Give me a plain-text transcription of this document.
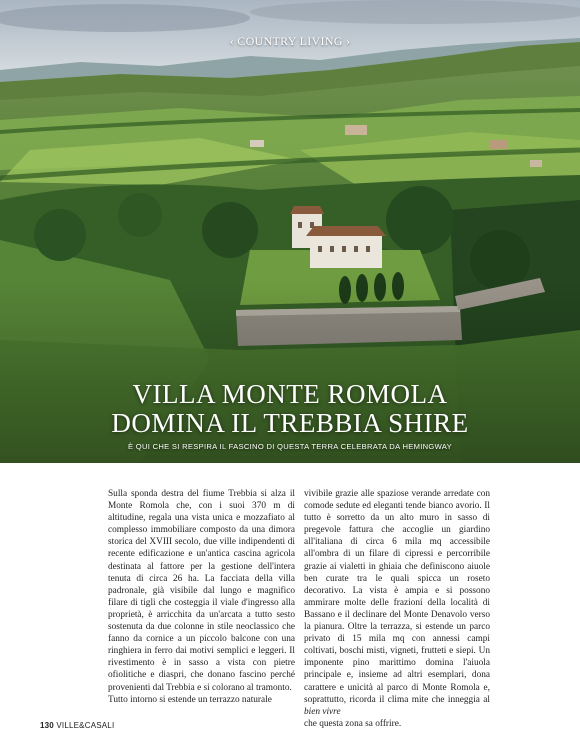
‹ COUNTRY LIVING ›
VILLA MONTE ROMOLA
DOMINA IL TREBBIA SHIRE
È QUI CHE SI RESPIRA IL FASCINO DI QUESTA TERRA CELEBRATA DA HEMINGWAY

Sulla sponda destra del fiume Trebbia si alza il Monte Romola che, con i suoi 370 m di altitudine, regala una vista unica e mozzafiato al complesso immobiliare composto da una dimora storica del XVIII secolo, due ville indipendenti di recente edificazione e un'antica cascina agricola destinata al fattore per la gestione dell'intera tenuta di circa 26 ha. La facciata della villa padronale, già visibile dal lungo e magnifico filare di tigli che costeggia il viale d'ingresso alla proprietà, è arricchita da un'arcata a tutto sesto sostenuta da due colonne in stile neoclassico che fanno da cornice a un piccolo balcone con una ringhiera in ferro dai motivi semplici e leggeri. Il rivestimento è in sasso a vista con pietre ofiolitiche e diaspri, che donano fascino perché provenienti dal Trebbia e si colorano al tramonto.

Tutto intorno si estende un terrazzo naturale

vivibile grazie alle spaziose verande arredate con comode sedute ed eleganti tende bianco avorio. Il tutto è sorretto da un alto muro in sasso di pregevole fattura che accoglie un giardino all'italiana di circa 6 mila mq accessibile all'ombra di un filare di cipressi e percorribile grazie ai vialetti in ghiaia che definiscono aiuole ben curate tra le quali spicca un roseto decorativo. La vista è ampia e si possono ammirare molte delle frazioni della località di Bassano e il declinare del Monte Denavolo verso la pianura. Oltre la terrazza, si estende un parco privato di 15 mila mq con annessi campi coltivati, boschi misti, vigneti, frutteti e siepi. Un imponente pino marittimo domina l'aiuola principale e, insieme ad altri esemplari, dona carattere e unicità al parco di Monte Romola e, soprattutto, ricorda il clima mite che inneggia al bien vivre
che questa zona sa offrire.

130 VILLE&CASALI
